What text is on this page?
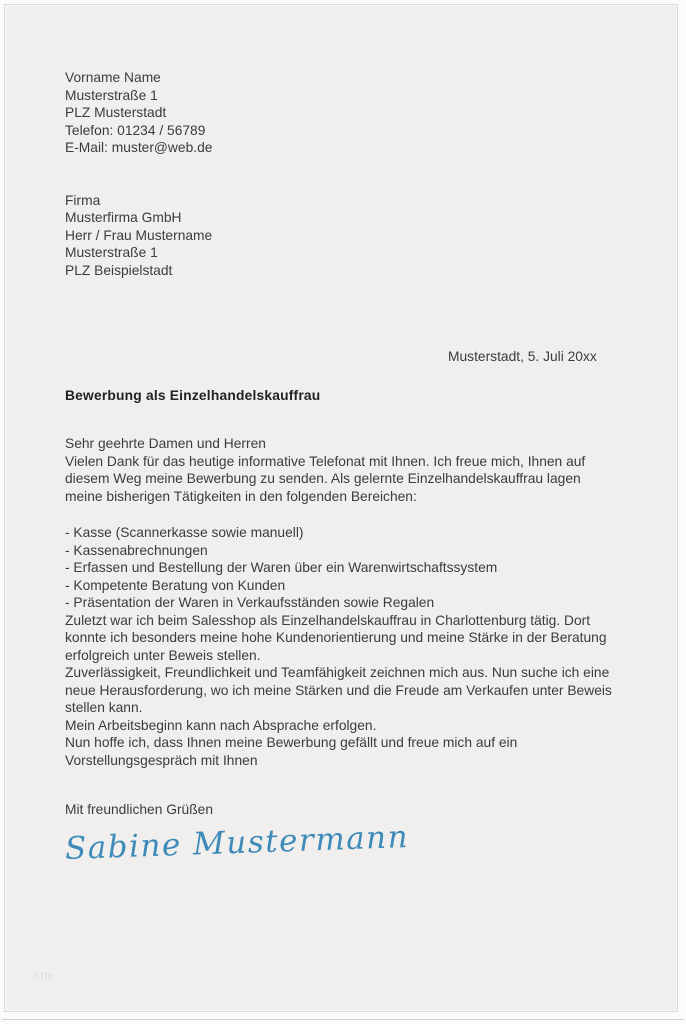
Vorname Name
Musterstraße 1
PLZ Musterstadt
Telefon: 01234 / 56789
E-Mail: muster@web.de
Firma
Musterfirma GmbH
Herr / Frau Mustername
Musterstraße 1
PLZ Beispielstadt
Musterstadt, 5. Juli 20xx
Bewerbung als Einzelhandelskauffrau
Sehr geehrte Damen und Herren

Vielen Dank für das heutige informative Telefonat mit Ihnen. Ich freue mich, Ihnen auf diesem Weg meine Bewerbung zu senden. Als gelernte Einzelhandelskauffrau lagen meine bisherigen Tätigkeiten in den folgenden Bereichen:

- Kasse (Scannerkasse sowie manuell)
- Kassenabrechnungen
- Erfassen und Bestellung der Waren über ein Warenwirtschaftssystem
- Kompetente Beratung von Kunden
- Präsentation der Waren in Verkaufsständen sowie Regalen

Zuletzt war ich beim Salesshop als Einzelhandelskauffrau in Charlottenburg tätig. Dort konnte ich besonders meine hohe Kundenorientierung und meine Stärke in der Beratung erfolgreich unter Beweis stellen.

Zuverlässigkeit, Freundlichkeit und Teamfähigkeit zeichnen mich aus. Nun suche ich eine neue Herausforderung, wo ich meine Stärken und die Freude am Verkaufen unter Beweis stellen kann.

Mein Arbeitsbeginn kann nach Absprache erfolgen.

Nun hoffe ich, dass Ihnen meine Bewerbung gefällt und freue mich auf ein Vorstellungsgespräch mit Ihnen

Mit freundlichen Grüßen
Sabine Mustermann
http
